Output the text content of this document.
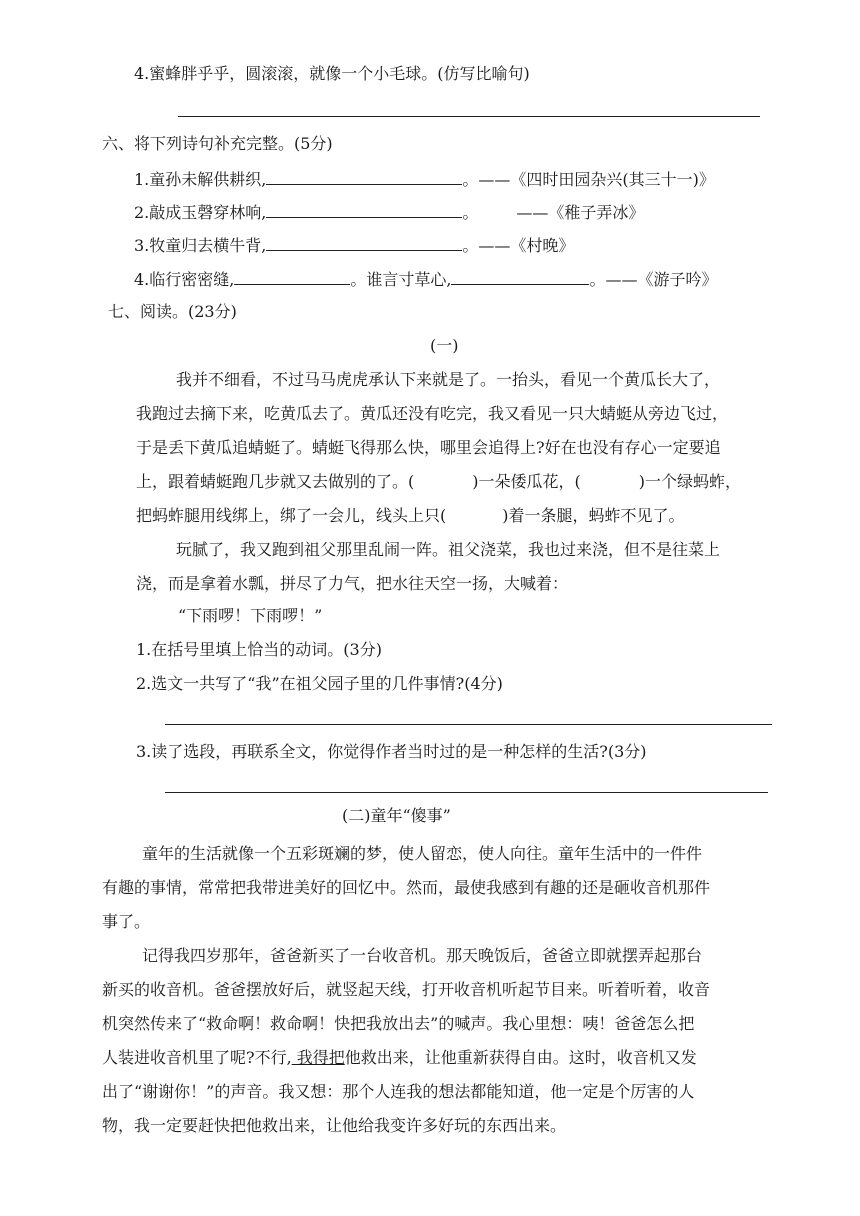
4.蜜蜂胖乎乎，圆滚滚，就像一个小毛球。(仿写比喻句)
六、将下列诗句补充完整。(5分)
1.童孙未解供耕织,	。——《四时田园杂兴(其三十一)》
2.敲成玉磬穿林响,	。 ——《稚子弄冰》
3.牧童归去横牛背,	。——《村晚》
4.临行密密缝,	。谁言寸草心,	。——《游子吟》
七、阅读。(23分)
(一)
我并不细看，不过马马虎虎承认下来就是了。一抬头，看见一个黄瓜长大了，
我跑过去摘下来，吃黄瓜去了。黄瓜还没有吃完，我又看见一只大蜻蜓从旁边飞过，
于是丢下黄瓜追蜻蜓了。蜻蜓飞得那么快，哪里会追得上?好在也没有存心一定要追
上，跟着蜻蜓跑几步就又去做别的了。(	)一朵倭瓜花，(	)一个绿蚂蚱，
把蚂蚱腿用线绑上，绑了一会儿，线头上只(	)着一条腿，蚂蚱不见了。
玩腻了，我又跑到祖父那里乱闹一阵。祖父浇菜，我也过来浇，但不是往菜上
浇，而是拿着水瓢，拼尽了力气，把水往天空一扬，大喊着：
“下雨啰！下雨啰！”
1.在括号里填上恰当的动词。(3分)
2.选文一共写了“我”在祖父园子里的几件事情?(4分)
3.读了选段，再联系全文，你觉得作者当时过的是一种怎样的生活?(3分)
(二)童年“傻事”
童年的生活就像一个五彩斑斓的梦，使人留恋，使人向往。童年生活中的一件件
有趣的事情，常常把我带进美好的回忆中。然而，最使我感到有趣的还是砸收音机那件
事了。
记得我四岁那年，爸爸新买了一台收音机。那天晚饭后，爸爸立即就摆弄起那台
新买的收音机。爸爸摆放好后，就竖起天线，打开收音机听起节目来。听着听着，收音
机突然传来了“救命啊！救命啊！快把我放出去”的喊声。我心里想：咦！爸爸怎么把
人装进收音机里了呢?不行, 我得把他救出来，让他重新获得自由。这时，收音机又发
出了“谢谢你！”的声音。我又想：那个人连我的想法都能知道，他一定是个厉害的人
物，我一定要赶快把他救出来，让他给我变许多好玩的东西出来。
